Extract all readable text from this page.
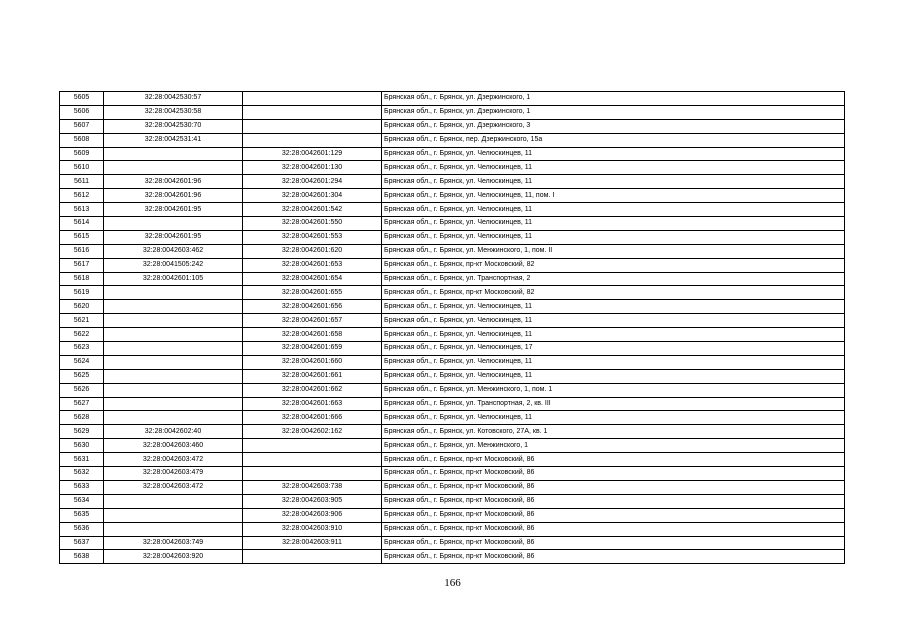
5605	32:28:0042530:57		Брянская обл., г. Брянск, ул. Дзержинского, 1
5606	32:28:0042530:58		Брянская обл., г. Брянск, ул. Дзержинского, 1
5607	32:28:0042530:70		Брянская обл., г. Брянск, ул. Дзержинского, 3
5608	32:28:0042531:41		Брянская обл., г. Брянск, пер. Дзержинского, 15а
5609		32:28:0042601:129	Брянская обл., г. Брянск, ул. Челюскинцев, 11
5610		32:28:0042601:130	Брянская обл., г. Брянск, ул. Челюскинцев, 11
5611	32:28:0042601:96	32:28:0042601:294	Брянская обл., г. Брянск, ул. Челюскинцев, 11
5612	32:28:0042601:96	32:28:0042601:304	Брянская обл., г. Брянск, ул. Челюскинцев, 11, пом. I
5613	32:28:0042601:95	32:28:0042601:542	Брянская обл., г. Брянск, ул. Челюскинцев, 11
5614		32:28:0042601:550	Брянская обл., г. Брянск, ул. Челюскинцев, 11
5615	32:28:0042601:95	32:28:0042601:553	Брянская обл., г. Брянск, ул. Челюскинцев, 11
5616	32:28:0042603:462	32:28:0042601:620	Брянская обл., г. Брянск, ул. Менжинского, 1, пом. II
5617	32:28:0041505:242	32:28:0042601:653	Брянская обл., г. Брянск, пр-кт Московский, 82
5618	32:28:0042601:105	32:28:0042601:654	Брянская обл., г. Брянск, ул. Транспортная, 2
5619		32:28:0042601:655	Брянская обл., г. Брянск, пр-кт Московский, 82
5620		32:28:0042601:656	Брянская обл., г. Брянск, ул. Челюскинцев, 11
5621		32:28:0042601:657	Брянская обл., г. Брянск, ул. Челюскинцев, 11
5622		32:28:0042601:658	Брянская обл., г. Брянск, ул. Челюскинцев, 11
5623		32:28:0042601:659	Брянская обл., г. Брянск, ул. Челюскинцев, 17
5624		32:28:0042601:660	Брянская обл., г. Брянск, ул. Челюскинцев, 11
5625		32:28:0042601:661	Брянская обл., г. Брянск, ул. Челюскинцев, 11
5626		32:28:0042601:662	Брянская обл., г. Брянск, ул. Менжинского, 1, пом. 1
5627		32:28:0042601:663	Брянская обл., г. Брянск, ул. Транспортная, 2, кв. III
5628		32:28:0042601:666	Брянская обл., г. Брянск, ул. Челюскинцев, 11
5629	32:28:0042602:40	32:28:0042602:162	Брянская обл., г. Брянск, ул. Котовского, 27А, кв. 1
5630	32:28:0042603:460		Брянская обл., г. Брянск, ул. Менжинского, 1
5631	32:28:0042603:472		Брянская обл., г. Брянск, пр-кт Московский, 86
5632	32:28:0042603:479		Брянская обл., г. Брянск, пр-кт Московский, 86
5633	32:28:0042603:472	32:28:0042603:738	Брянская обл., г. Брянск, пр-кт Московский, 86
5634		32:28:0042603:905	Брянская обл., г. Брянск, пр-кт Московский, 86
5635		32:28:0042603:906	Брянская обл., г. Брянск, пр-кт Московский, 86
5636		32:28:0042603:910	Брянская обл., г. Брянск, пр-кт Московский, 86
5637	32:28:0042603:749	32:28:0042603:911	Брянская обл., г. Брянск, пр-кт Московский, 86
5638	32:28:0042603:920		Брянская обл., г. Брянск, пр-кт Московский, 86
166
